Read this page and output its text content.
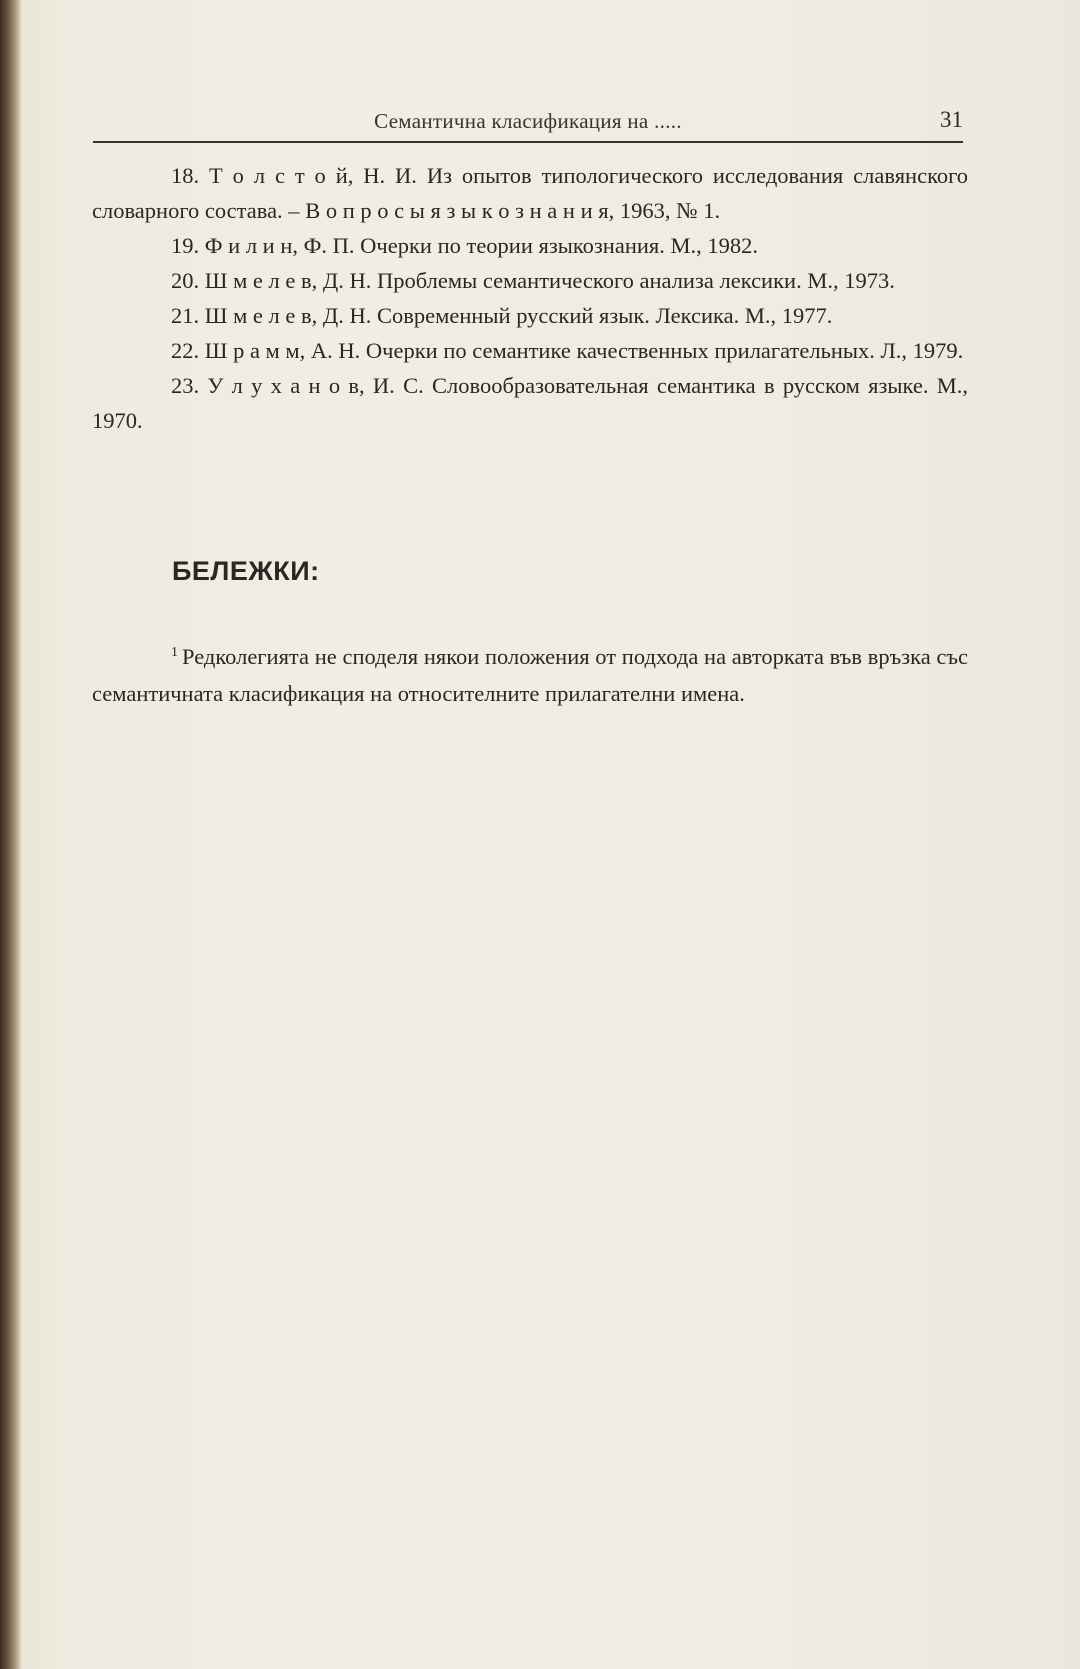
Семантична класификация на .....	31

18. Т о л с т о й, Н. И. Из опытов типологического исследования славянского словарного состава. – В о п р о с ы я з ы к о з н а н и я, 1963, № 1.

19. Ф и л и н, Ф. П. Очерки по теории языкознания. М., 1982.

20. Ш м е л е в, Д. Н. Проблемы семантического анализа лексики. М., 1973.

21. Ш м е л е в, Д. Н. Современный русский язык. Лексика. М., 1977.

22. Ш р а м м, А. Н. Очерки по семантике качественных прилагательных. Л., 1979.

23. У л у х а н о в, И. С. Словообразовательная семантика в русском языке. М., 1970.

БЕЛЕЖКИ:

$^1$ Редколегията не споделя някои положения от подхода на авторката във връзка със семантичната класификация на относителните прилагателни имена.
